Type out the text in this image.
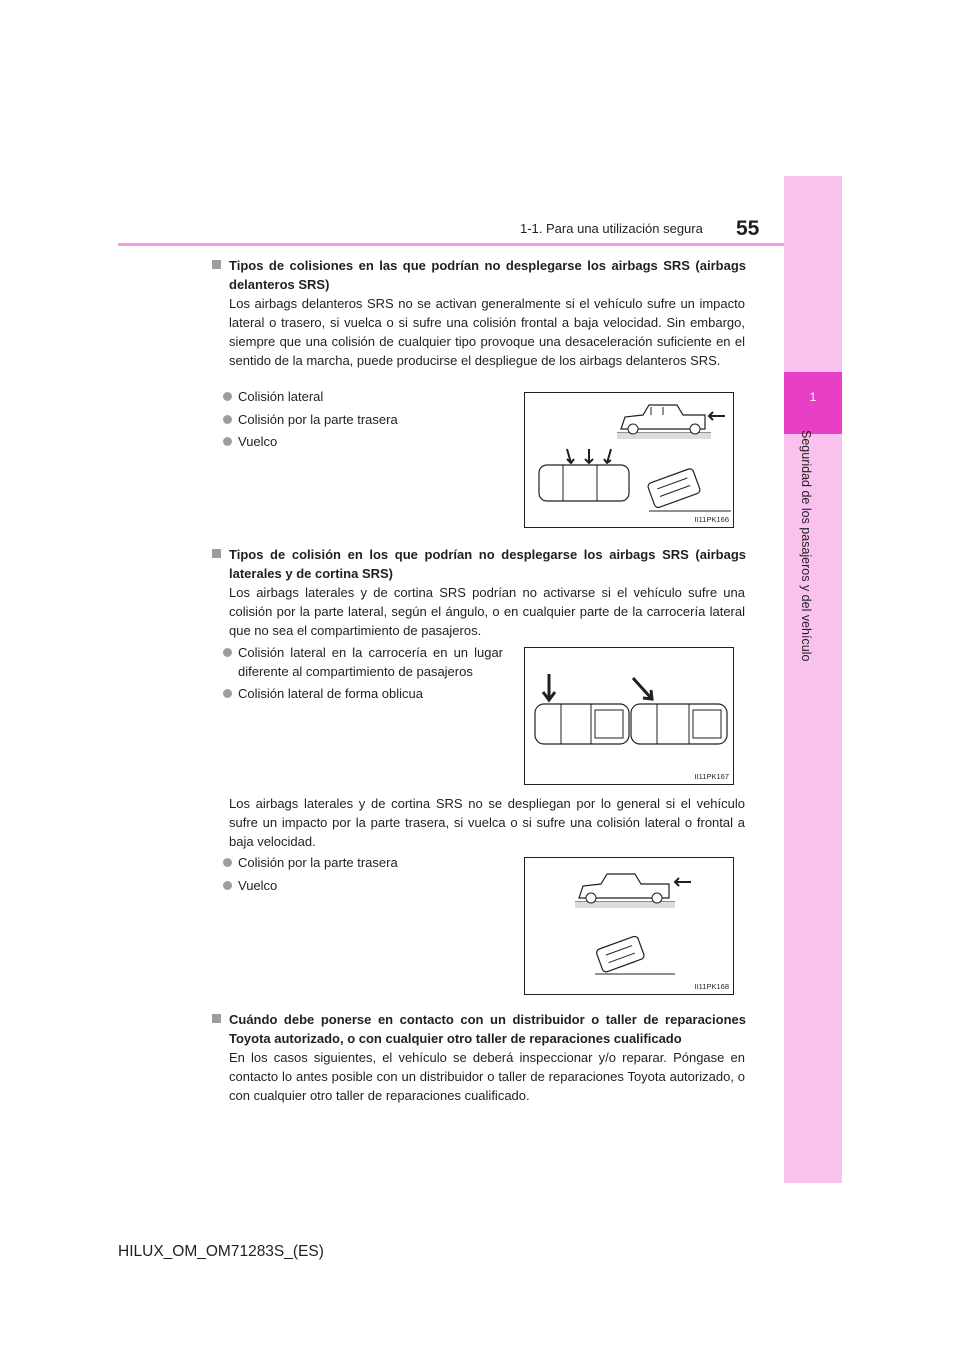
1
Seguridad de los pasajeros y del vehículo
1-1. Para una utilización segura 55
Tipos de colisiones en las que podrían no desplegarse los airbags SRS (airbags delanteros SRS)
Los airbags delanteros SRS no se activan generalmente si el vehículo sufre un impacto lateral o trasero, si vuelca o si sufre una colisión frontal a baja velocidad. Sin embargo, siempre que una colisión de cualquier tipo provoque una desaceleración suficiente en el sentido de la marcha, puede producirse el despliegue de los airbags delanteros SRS.
Colisión lateral
Colisión por la parte trasera
Vuelco
II11PK166
Tipos de colisión en los que podrían no desplegarse los airbags SRS (airbags laterales y de cortina SRS)
Los airbags laterales y de cortina SRS podrían no activarse si el vehículo sufre una colisión por la parte lateral, según el ángulo, o en cualquier parte de la carrocería lateral que no sea el compartimiento de pasajeros.
Colisión lateral en la carrocería en un lugar diferente al compartimiento de pasajeros
Colisión lateral de forma oblicua
II11PK167
Los airbags laterales y de cortina SRS no se despliegan por lo general si el vehículo sufre un impacto por la parte trasera, si vuelca o si sufre una colisión lateral o frontal a baja velocidad.
Colisión por la parte trasera
Vuelco
II11PK168
Cuándo debe ponerse en contacto con un distribuidor o taller de reparaciones Toyota autorizado, o con cualquier otro taller de reparaciones cualificado
En los casos siguientes, el vehículo se deberá inspeccionar y/o reparar. Póngase en contacto lo antes posible con un distribuidor o taller de reparaciones Toyota autorizado, o con cualquier otro taller de reparaciones cualificado.
HILUX_OM_OM71283S_(ES)
